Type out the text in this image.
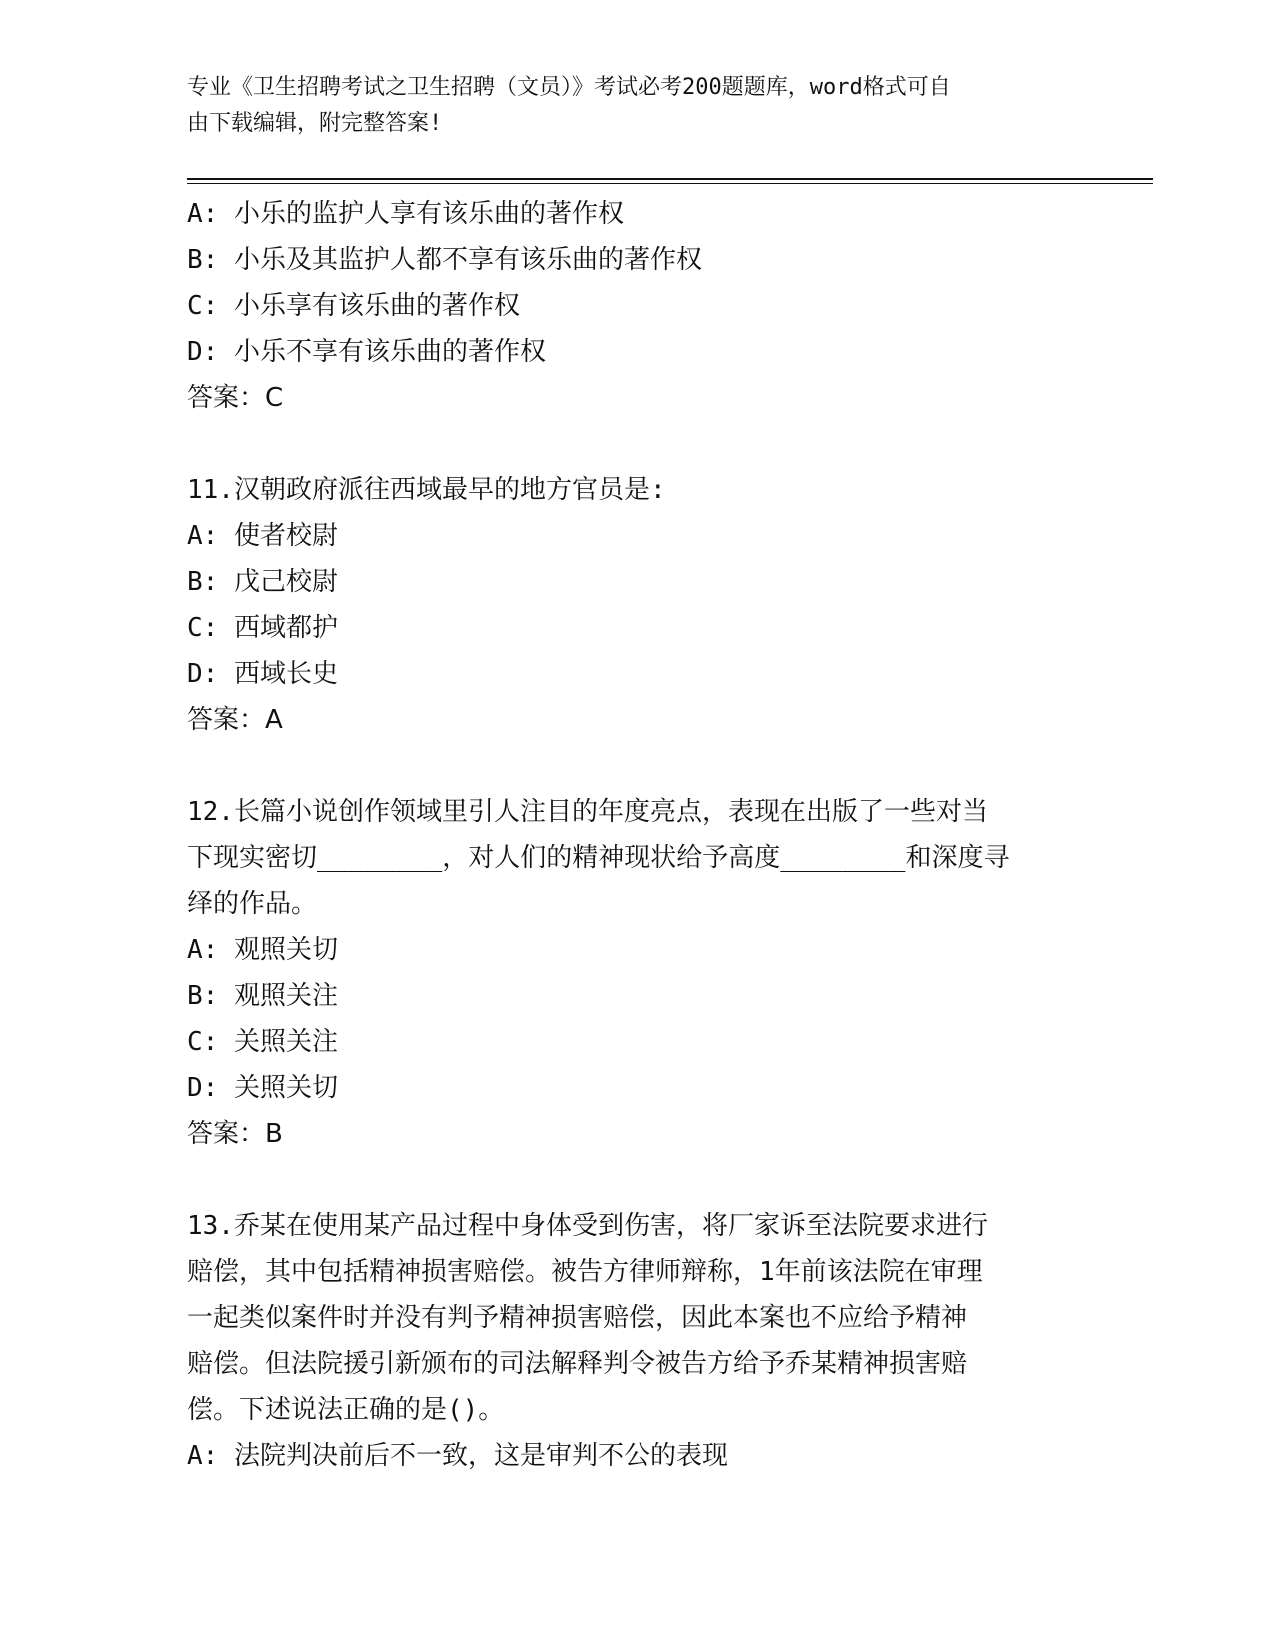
专业《卫生招聘考试之卫生招聘（文员）》考试必考200题题库，word格式可自
由下载编辑，附完整答案!
A: 小乐的监护人享有该乐曲的著作权
B: 小乐及其监护人都不享有该乐曲的著作权
C: 小乐享有该乐曲的著作权
D: 小乐不享有该乐曲的著作权
答案：C
11.汉朝政府派往西域最早的地方官员是:
A: 使者校尉
B: 戊己校尉
C: 西域都护
D: 西域长史
答案：A
12.长篇小说创作领域里引人注目的年度亮点，表现在出版了一些对当
下现实密切________，对人们的精神现状给予高度________和深度寻
绎的作品。
A: 观照关切
B: 观照关注
C: 关照关注
D: 关照关切
答案：B
13.乔某在使用某产品过程中身体受到伤害，将厂家诉至法院要求进行
赔偿，其中包括精神损害赔偿。被告方律师辩称，1年前该法院在审理
一起类似案件时并没有判予精神损害赔偿，因此本案也不应给予精神
赔偿。但法院援引新颁布的司法解释判令被告方给予乔某精神损害赔
偿。下述说法正确的是()。
A: 法院判决前后不一致，这是审判不公的表现
